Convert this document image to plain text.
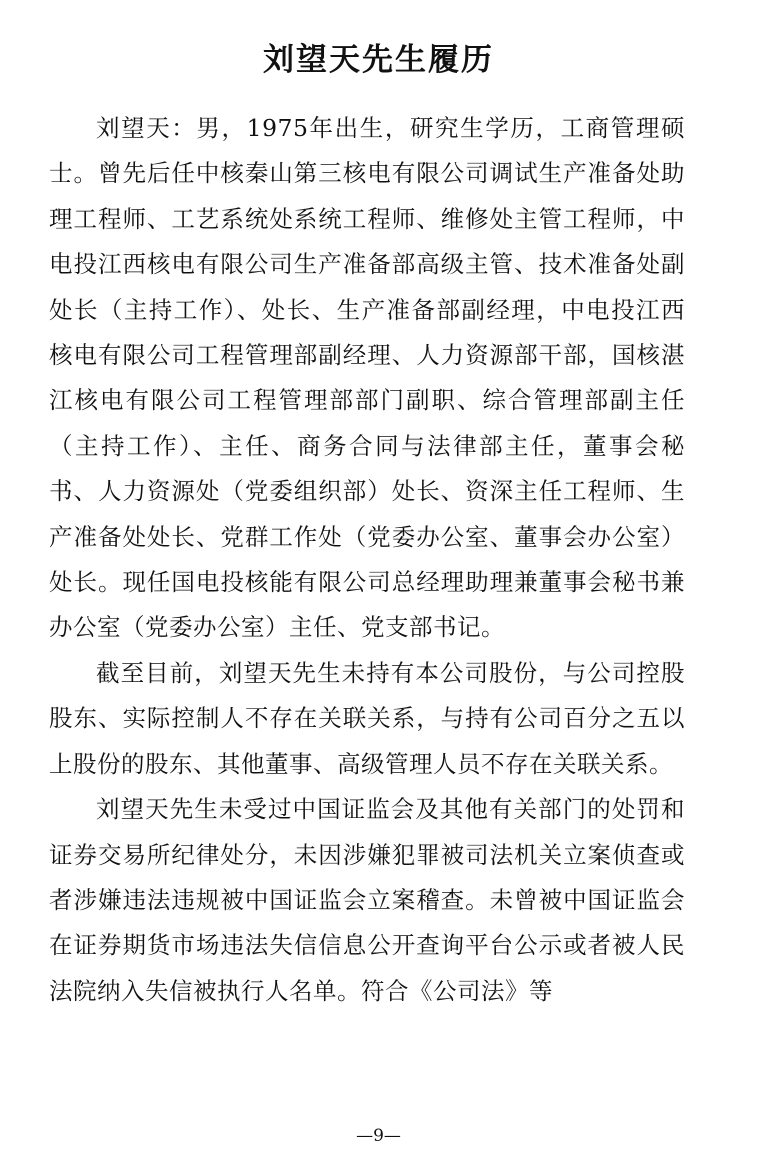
刘望天先生履历

刘望天：男，1975年出生，研究生学历，工商管理硕士。曾先后任中核秦山第三核电有限公司调试生产准备处助理工程师、工艺系统处系统工程师、维修处主管工程师，中电投江西核电有限公司生产准备部高级主管、技术准备处副处长（主持工作）、处长、生产准备部副经理，中电投江西核电有限公司工程管理部副经理、人力资源部干部，国核湛江核电有限公司工程管理部部门副职、综合管理部副主任（主持工作）、主任、商务合同与法律部主任，董事会秘书、人力资源处（党委组织部）处长、资深主任工程师、生产准备处处长、党群工作处（党委办公室、董事会办公室）处长。现任国电投核能有限公司总经理助理兼董事会秘书兼办公室（党委办公室）主任、党支部书记。

截至目前，刘望天先生未持有本公司股份，与公司控股股东、实际控制人不存在关联关系，与持有公司百分之五以上股份的股东、其他董事、高级管理人员不存在关联关系。

刘望天先生未受过中国证监会及其他有关部门的处罚和证券交易所纪律处分，未因涉嫌犯罪被司法机关立案侦查或者涉嫌违法违规被中国证监会立案稽查。未曾被中国证监会在证券期货市场违法失信信息公开查询平台公示或者被人民法院纳入失信被执行人名单。符合《公司法》等

—9—
